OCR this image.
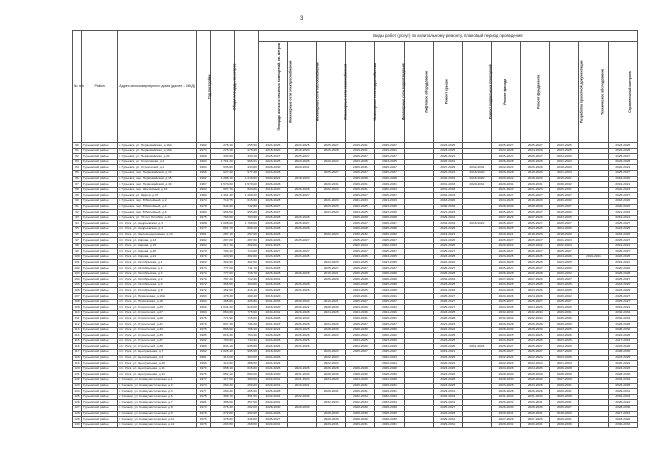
3
№ п/п	Район	Адрес многоквартирного дома (далее – МКД)	Год постройки	Общая площадь, кв.метров	Площадь жилых и нежилых помещений, кв. метров	Виды работ (услуг) по капитальному ремонту, плановый период проведения												
						Инженерные сети электроснабжения	Инженерные сети теплоснабжения	Инженерные сети газоснабжения	Инженерные сети водоснабжения	Инженерные сети водоотведения	Лифтовое оборудование	Ремонт крыши	Ремонт подвальных помещений	Ремонт фасада	Ремонт фундамента	Разработка проектной документации	Техническое обследование	Строительный контроль
80	Гурьевский район	г. Гурьевск, ул. Первомайская, д.16А	1960	275,49	255,50	2024-2026	2023-2025	2025-2027	2019-2021	2025-2027		2023-2025		2025-2027	2025-2027	2023-2025		2023-2025
81	Гурьевский район	г. Гурьевск, ул. Первомайская, д.18А	1974	275,49	276,00	2018-2020	2018-2020	2026-2028	2019-2021	2019-2021		2023-2025		2024-2026	2024-2026	2023-2025		2024-2026
82	Гурьевский район	г. Гурьевск, ул. Первомайская, д.22	1960	330,50	303,10	2025-2027	2025-2027		2025-2027	2025-2027		2020-2022		2025-2027	2025-2027	2024-2026		2025-2027
83	Гурьевский район	г. Гурьевск, ул. Спортивная, д.2	1994	1 791,20	996,91	2023-2025	2023-2025	2020-2022	2023-2025	2023-2025		2029-2031		2026-2028	2026-2028	2021-2023		2023-2025
84	Гурьевский район	г. Гурьевск, ул. Строителей, д.1	1964	535,80	433,80	2028-2030	2029-2031		2029-2031	2025-2027		2027-2029	2032-2034	2022-2024	2026-2028	2018-2020		2022-2024
85	Гурьевский район	г. Гурьевск, пер. Первомайский, д.13	1969	627,20	577,30	2023-2025		2025-2027	2025-2027	2025-2027		2022-2024	2018-2020	2026-2028	2018-2020	2021-2023		2025-2027
86	Гурьевский район	г. Гурьевск, пер. Первомайский, д.15	1962	1 288,10	1 215,60	2020-2022	2018-2020		2026-2028	2026-2028		2032-2034	2018-2020	2020-2022	2018-2020	2019-2021		2018-2020
87	Гурьевский район	г. Гурьевск, пер. Первомайский, д.19	1987	1 570,00	1 570,00	2026-2028		2029-2031	2029-2031	2029-2031		2031-2033	2029-2031	2029-2031	2029-2031	2030-2032		2019-2021
88	Гурьевский район	г. Гурьевск, пер. Шоссейный, д.10	1964	607,70	603,80	2018-2020	2026-2028	2022-2024	2029-2031	2032-2034		2031-2033		2021-2023	2021-2023	2029-2031		2022-2024
89	Гурьевский район	г. Гурьевск, ул. Щорса, д.47	1980	1 461,40	1 409,20	2025-2027	2025-2027		2025-2027	2025-2027		2032-2034		2025-2027	2025-2027	2025-2027		2025-2027
90	Гурьевский район	г. Гурьевск, пер. Юбилейный, д.2	1974	719,75	615,60	2026-2028		2021-2023	2021-2023	2021-2023		2018-2020		2024-2026	2018-2020	2030-2032		2018-2020
91	Гурьевский район	г. Гурьевск, пер. Юбилейный, д.4	1978	942,90	742,80	2025-2027		2023-2025	2023-2025	2023-2025		2030-2032		2028-2030	2028-2030	2025-2027		2020-2022
92	Гурьевский район	г. Гурьевск, пер. Юбилейный, д.6	1980	954,50	955,60	2025-2027		2023-2025	2023-2025	2023-2025		2021-2023		2025-2027	2025-2027	2018-2020		2021-2023
93	Гурьевский район	г. Гурьевск, ул. 70 лет Октября, д.34	1975	703,90	703,90	2026-2028	2026-2028		2026-2028	2026-2028		2029-2031		2027-2029	2027-2029	2023-2025		2019-2021
94	Гурьевский район	пгт. Урск, ул. Андреевская, д.3	1988	1 008,00	1 798,00	2026-2028	2025-2027		2025-2027	2025-2027		2032-2034	2018-2020	2025-2027	2025-2027	2025-2027		2025-2027
95	Гурьевский район	пгт. Урск, ул. Андреевская, д.4	1977	801,70	699,10	2026-2028	2026-2028		2026-2028	2026-2028		2024-2026		2023-2025	2023-2025	2024-2026		2023-2025
96	Гурьевский район	пгт. Урск, ул. Железнодорожная, д.14	1961	287,10	257,60	2026-2028		2020-2022	2030-2032	2030-2032		2019-2021		2019-2021	2018-2020	2018-2020		2018-2020
97	Гурьевский район	пгт. Урск, ул. Кирова, д.13	1962	287,00	287,60	2024-2026	2025-2027		2025-2027	2025-2027		2024-2026		2025-2027	2025-2027	2021-2023		2025-2027
98	Гурьевский район	пгт. Урск, ул. Кирова, д.15	1964	317,10	302,00	2021-2023			2022-2024	2022-2024		2024-2026		2020-2022	2020-2022	2022-2024		2019-2021
99	Гурьевский район	пгт. Урск, ул. Кирова, д.20	1970	793,40	714,60	2025-2027	2025-2027		2025-2027	2025-2027		2025-2027		2025-2027	2025-2027	2025-2027		2025-2027
100	Гурьевский район	пгт. Урск, ул. Кирова, д.24	1970	420,90	382,00	2023-2025	2023-2025		2023-2025	2023-2025		2023-2025		2023-2025	2023-2025	2024-2026	2019-2021	2023-2025
101	Гурьевский район	пгт. Урск, ул. Октябрьская, д.1	1962	302,50	302,50	2023-2025		2023-2025	2023-2025	2023-2025		2022-2024		2023-2025	2023-2025	2023-2025		2019-2021
102	Гурьевский район	пгт. Урск, ул. Октябрьская, д.2	1973	777,20	711,70	2023-2025		2025-2027	2025-2027	2025-2027		2025-2027		2025-2027	2025-2027	2024-2026		2020-2022
103	Гурьевский район	пгт. Урск, ул. Октябрьская, д.3	1973	777,00	718,70	2026-2028	2026-2028	2019-2021	2026-2028	2026-2028		2026-2028		2026-2028	2026-2028	2020-2022		2026-2028
104	Гурьевский район	пгт. Урск, ул. Октябрьская, д.4	1979	797,20	712,30	2029-2031		2026-2028	2026-2028	2026-2028		2032-2034		2027-2029	2027-2029	2025-2027		2025-2027
105	Гурьевский район	пгт. Урск, ул. Октябрьская, д.6	1972	366,50	363,80	2026-2028	2026-2028		2026-2028	2026-2028		2023-2025		2023-2025	2023-2025	2023-2025		2018-2020
106	Гурьевский район	пгт. Урск, ул. Октябрьская, д.8	1972	452,00	416,10	2023-2025	2023-2025		2023-2025	2023-2025		2031-2033		2023-2025	2023-2025	2023-2025		2023-2025
107	Гурьевский район	пгт. Урск, ул. Приисковая, д.16А	1963	478,30	400,40	2018-2020			2019-2021	2019-2021		2025-2027		2024-2026	2024-2026	2020-2022		2025-2027
108	Гурьевский район	пгт. Урск, ул. Приисковая, д.18	1964	405,80	405,80	2031-2033	2030-2032	2019-2021	2025-2027	2025-2027		2025-2027		2025-2027	2025-2027	2025-2027		2025-2027
109	Гурьевский район	пгт. Урск, ул. Строителей, д.25	1960	1 041,20	910,00	2018-2020	2020-2022	2028-2030	2024-2026	2032-2034		2025-2027		2024-2026	2024-2026	2024-2026		2019-2021
110	Гурьевский район	пгт. Урск, ул. Строителей, д.27	1964	860,80	775,90	2030-2032	2026-2028	2024-2026	2024-2026	2024-2026		2023-2025		2032-2034	2032-2034	2029-2031		2032-2034
111	Гурьевский район	пгт. Урск, ул. Строителей, д.29	1976	774,90	715,00	2026-2028	2030-2032		2029-2031	2029-2031		2026-2028		2032-2034	2032-2034	2026-2028		2032-2034
112	Гурьевский район	пгт. Урск, ул. Строителей, д.31	1979	807,30	746,40	2021-2023	2026-2028	2024-2026	2025-2027	2025-2027		2021-2023		2026-2028	2026-2028	2026-2028		2026-2028
113	Гурьевский район	пгт. Урск, ул. Строителей, д.33	1975	868,90	796,40	2022-2024	2023-2025	2028-2030	2028-2030	2028-2030		2022-2024		2028-2030	2028-2030	2023-2025		2028-2030
114	Гурьевский район	пгт. Урск, ул. Строителей, д.35	1985	816,30	754,40	2026-2028	2026-2028	2021-2023	2020-2022	2020-2022		2023-2025		2023-2025	2023-2025	2024-2026		2024-2026
115	Гурьевский район	пгт. Урск, ул. Строителей, д.37	1992	793,00	744,90	2023-2025	2023-2025		2023-2025	2023-2025		2023-2025		2023-2025	2023-2025	2023-2025		2017-2019
116	Гурьевский район	пгт. Урск, ул. Строителей, д.39	1989	834,10	605,60	2024-2026	2024-2026		2024-2026	2024-2026		2023-2025	2021-2023	2025-2027	2025-2027	2024-2026		2024-2026
117	Гурьевский район	пгт. Урск, ул. Центральная, д.7	1962	1 025,40	965,50	2018-2020		2020-2022	2025-2027	2025-2027		2019-2021		2025-2027	2025-2027	2027-2029		2028-2030
118	Гурьевский район	пгт. Урск, ул. Центральная, д.9	1961	413,00	394,50	2024-2026		2022-2024		2022-2024		2023-2025		2022-2024	2022-2024	2023-2025		2023-2025
119	Гурьевский район	пгт. Урск, ул. Центральная, д.10	1966	410,90	388,50	2024-2026		2022-2024		2022-2024		2020-2022		2022-2024	2022-2024	2021-2023		2020-2022
120	Гурьевский район	пгт. Урск, ул. Центральная, д.11	1973	658,10	615,00	2024-2026	2024-2026	2026-2028	2026-2028	2026-2028		2023-2025		2024-2026	2024-2026	2026-2028		2024-2026
121	Гурьевский район	пгт. Урск, ул. Центральная, д.13	1975	852,10	800,20	2028-2030	2031-2033	2028-2030	2028-2030	2028-2030		2023-2025		2028-2030	2028-2030	2028-2030		2028-2030
122	Гурьевский район	г. Салаир, ул. Коммунистическая, д.1	1977	417,00	380,00	2029-2031	2021-2023	2024-2026	2024-2026	2024-2026		2026-2028		2028-2030	2028-2030	2027-2029		2032-2034
123	Гурьевский район	г. Салаир, ул. Коммунистическая, д.2	1973	260,40	260,00	2029-2031	2019-2021		2029-2031	2029-2031		2023-2025		2023-2025	2023-2025	2029-2031		2023-2025
124	Гурьевский район	г. Салаир, ул. Коммунистическая, д.3	1977	260,30	265,00	2026-2028		2029-2031	2029-2031	2029-2031		2029-2031		2026-2028	2026-2028	2029-2031		2029-2031
125	Гурьевский район	г. Салаир, ул. Коммунистическая, д.5	1978	399,70	351,50	2032-2034	2032-2034		2032-2034	2032-2034		2032-2034		2031-2033	2031-2033	2026-2028		2032-2034
126	Гурьевский район	г. Салаир, ул. Коммунистическая, д.7	1981	388,50	357,50	2029-2031		2032-2034	2032-2034	2032-2034		2029-2031		2029-2031	2029-2031	2029-2031		2020-2022
127	Гурьевский район	г. Салаир, ул. Коммунистическая, д.8	1974	276,40	262,00	2028-2030	2028-2030		2028-2030	2028-2030		2025-2027		2028-2030	2028-2030	2025-2027		2028-2030
128	Гурьевский район	г. Салаир, ул. Коммунистическая, д.9	1979	279,80	262,00	2024-2026		2028-2030	2028-2030	2028-2030		2024-2026		2029-2031	2029-2031	2018-2020		2017-2019
129	Гурьевский район	г. Салаир, ул. Коммунистическая, д.11	1976	478,00	436,00	2025-2027		2028-2030	2028-2030	2028-2030		2029-2031		2027-2029	2027-2029	2029-2031		2018-2020
130	Гурьевский район	г. Салаир, ул. Коммунистическая, д.12	1976	293,50	268,50	2029-2031		2029-2031	2029-2031	2029-2031		2029-2031		2029-2031	2029-2031	2028-2030		2030-2032
